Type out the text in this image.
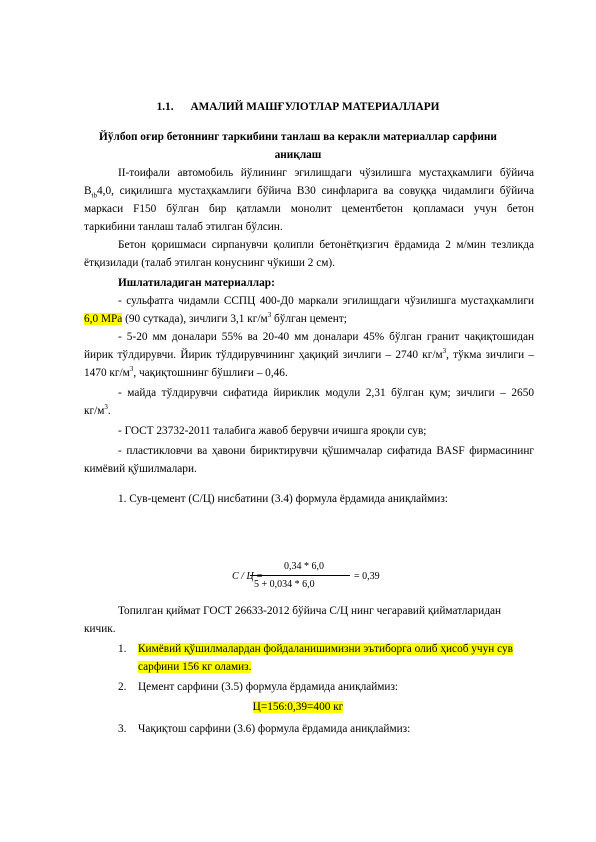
1.1. АМАЛИЙ МАШҒУЛОТЛАР МАТЕРИАЛЛАРИ
Йўлбоп оғир бетоннинг таркибини танлаш ва керакли материаллар сарфини
аниқлаш
II-тоифали автомобиль йўлининг эгилишдаги чўзилишга мустаҳкамлиги бўйича
$B_{tb}4,0$, сиқилишга мустаҳкамлиги бўйича B30 синфларига ва совуққа чидамлиги бўйича
маркаси F150 бўлган бир қатламли монолит цементбетон қопламаси учун бетон
таркибини танлаш талаб этилган бўлсин.
Бетон қоришмаси сирпанувчи қолипли бетонётқизгич ёрдамида 2 м/мин тезликда
ётқизилади (талаб этилган конуснинг чўкиши 2 см).
Ишлатиладиган материаллар:
- сульфатга чидамли ССПЦ 400-Д0 маркали эгилишдаги чўзилишга мустаҳкамлиги
6,0 МРа (90 суткада), зичлиги 3,1 $кг/м^3$ бўлган цемент;
- 5-20 мм доналари 55% ва 20-40 мм доналари 45% бўлган гранит чақиқтошидан
йирик тўлдирувчи. Йирик тўлдирувчининг ҳақиқий зичлиги – 2740 $кг/м^3$, тўкма зичлиги –
1470 $кг/м^3$, чақиқтошнинг бўшлиғи – 0,46.
- майда тўлдирувчи сифатида йириклик модули 2,31 бўлган қум; зичлиги – 2650
$кг/м^3$.
- ГОСТ 23732-2011 талабига жавоб берувчи ичишга яроқли сув;
- пластикловчи ва ҳавони бириктирувчи қўшимчалар сифатида BASF фирмасининг
кимёвий қўшилмалари.
1. Сув-цемент (С/Ц) нисбатини (3.4) формула ёрдамида аниқлаймиз:
С / Ц =
0,34 * 6,0
5 + 0,034 * 6,0
= 0,39
Топилган қиймат ГОСТ 26633-2012 бўйича С/Ц нинг чегаравий қийматларидан
кичик.
1. Кимёвий қўшилмалардан фойдаланишимизни эътиборга олиб ҳисоб учун сув
сарфини 156 кг оламиз.
2. Цемент сарфини (3.5) формула ёрдамида аниқлаймиз:
Ц=156:0,39=400 кг
3. Чақиқтош сарфини (3.6) формула ёрдамида аниқлаймиз:
